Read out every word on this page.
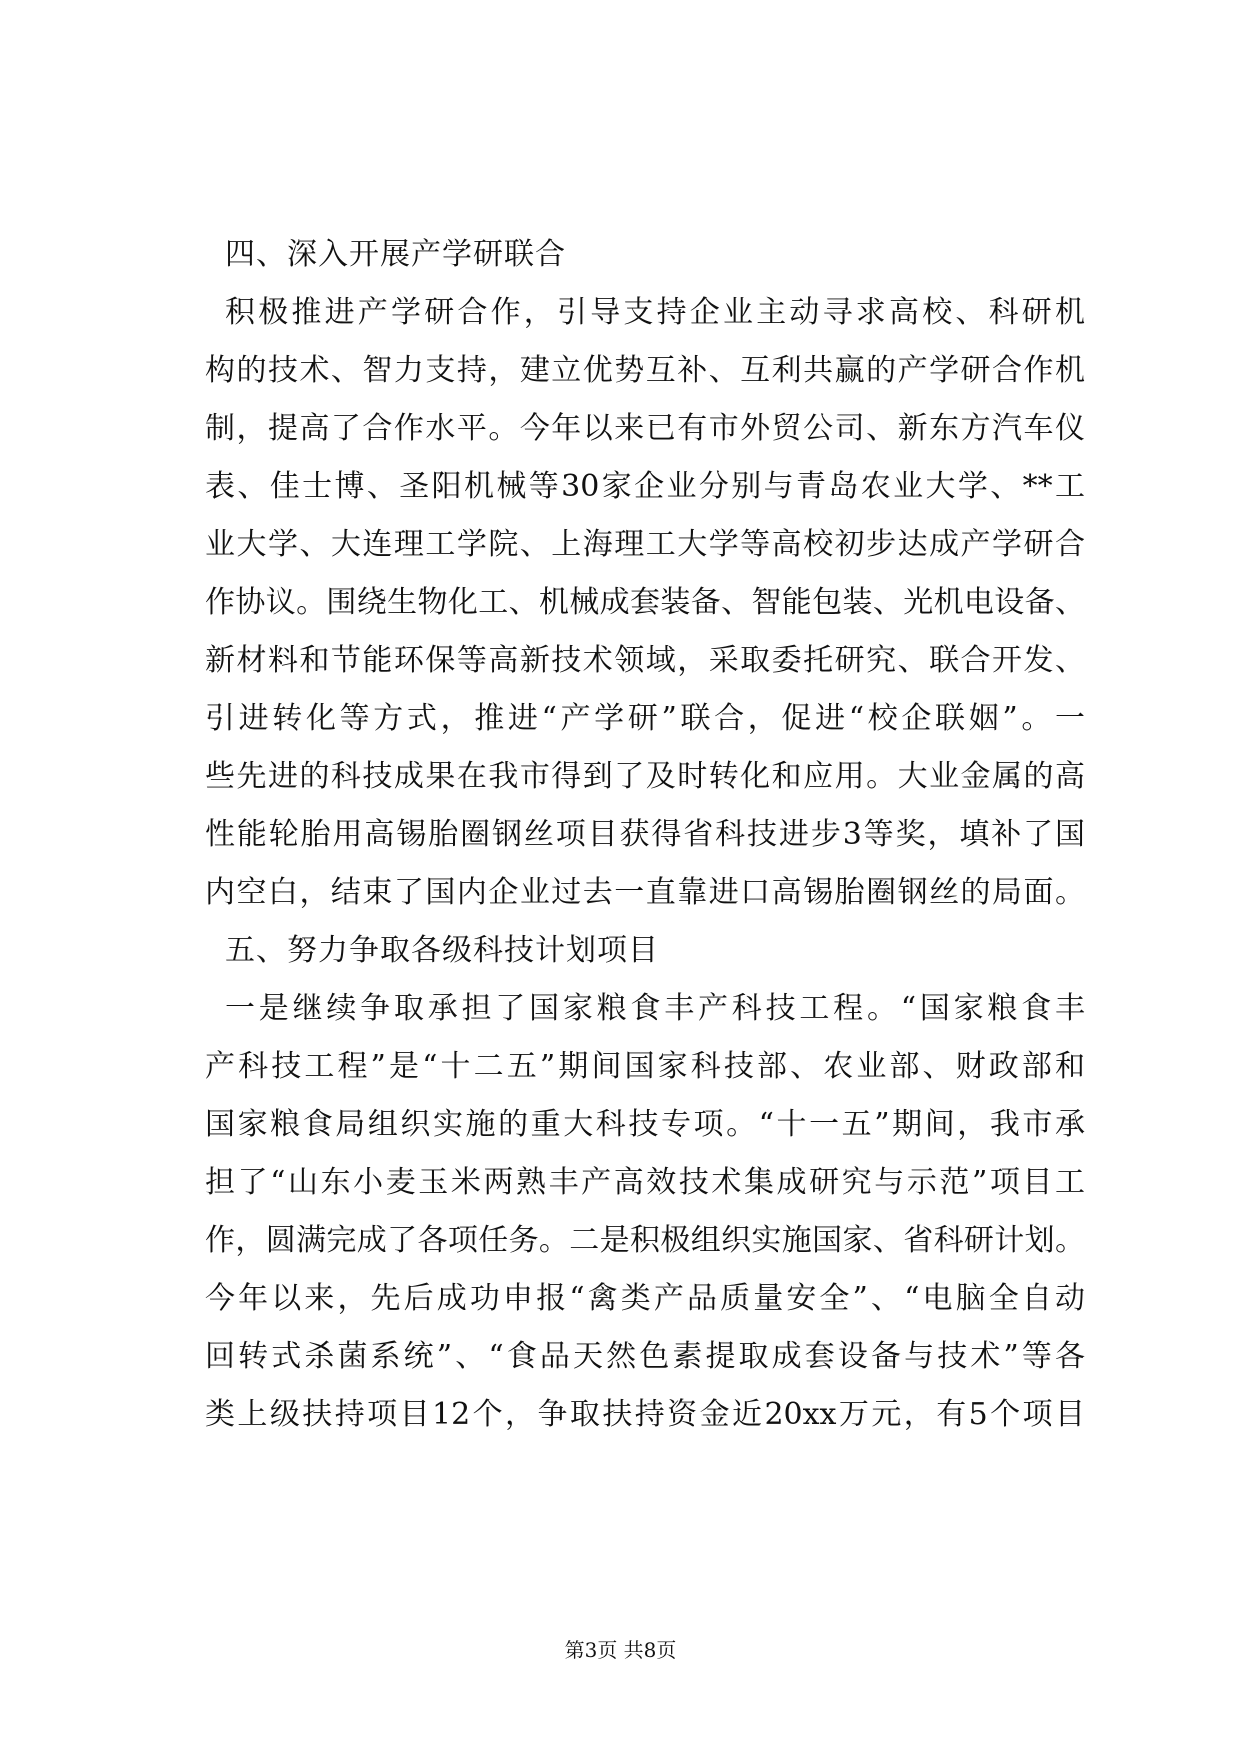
四、深入开展产学研联合
积极推进产学研合作，引导支持企业主动寻求高校、科研机
构的技术、智力支持，建立优势互补、互利共赢的产学研合作机
制，提高了合作水平。今年以来已有市外贸公司、新东方汽车仪
表、佳士博、圣阳机械等30家企业分别与青岛农业大学、**工
业大学、大连理工学院、上海理工大学等高校初步达成产学研合
作协议。围绕生物化工、机械成套装备、智能包装、光机电设备、
新材料和节能环保等高新技术领域，采取委托研究、联合开发、
引进转化等方式，推进“产学研”联合，促进“校企联姻”。一
些先进的科技成果在我市得到了及时转化和应用。大业金属的高
性能轮胎用高锡胎圈钢丝项目获得省科技进步3等奖，填补了国
内空白，结束了国内企业过去一直靠进口高锡胎圈钢丝的局面。
五、努力争取各级科技计划项目
一是继续争取承担了国家粮食丰产科技工程。“国家粮食丰
产科技工程”是“十二五”期间国家科技部、农业部、财政部和
国家粮食局组织实施的重大科技专项。“十一五”期间，我市承
担了“山东小麦玉米两熟丰产高效技术集成研究与示范”项目工
作，圆满完成了各项任务。二是积极组织实施国家、省科研计划。
今年以来，先后成功申报“禽类产品质量安全”、“电脑全自动
回转式杀菌系统”、“食品天然色素提取成套设备与技术”等各
类上级扶持项目12个，争取扶持资金近20xx万元，有5个项目
第3页 共8页
